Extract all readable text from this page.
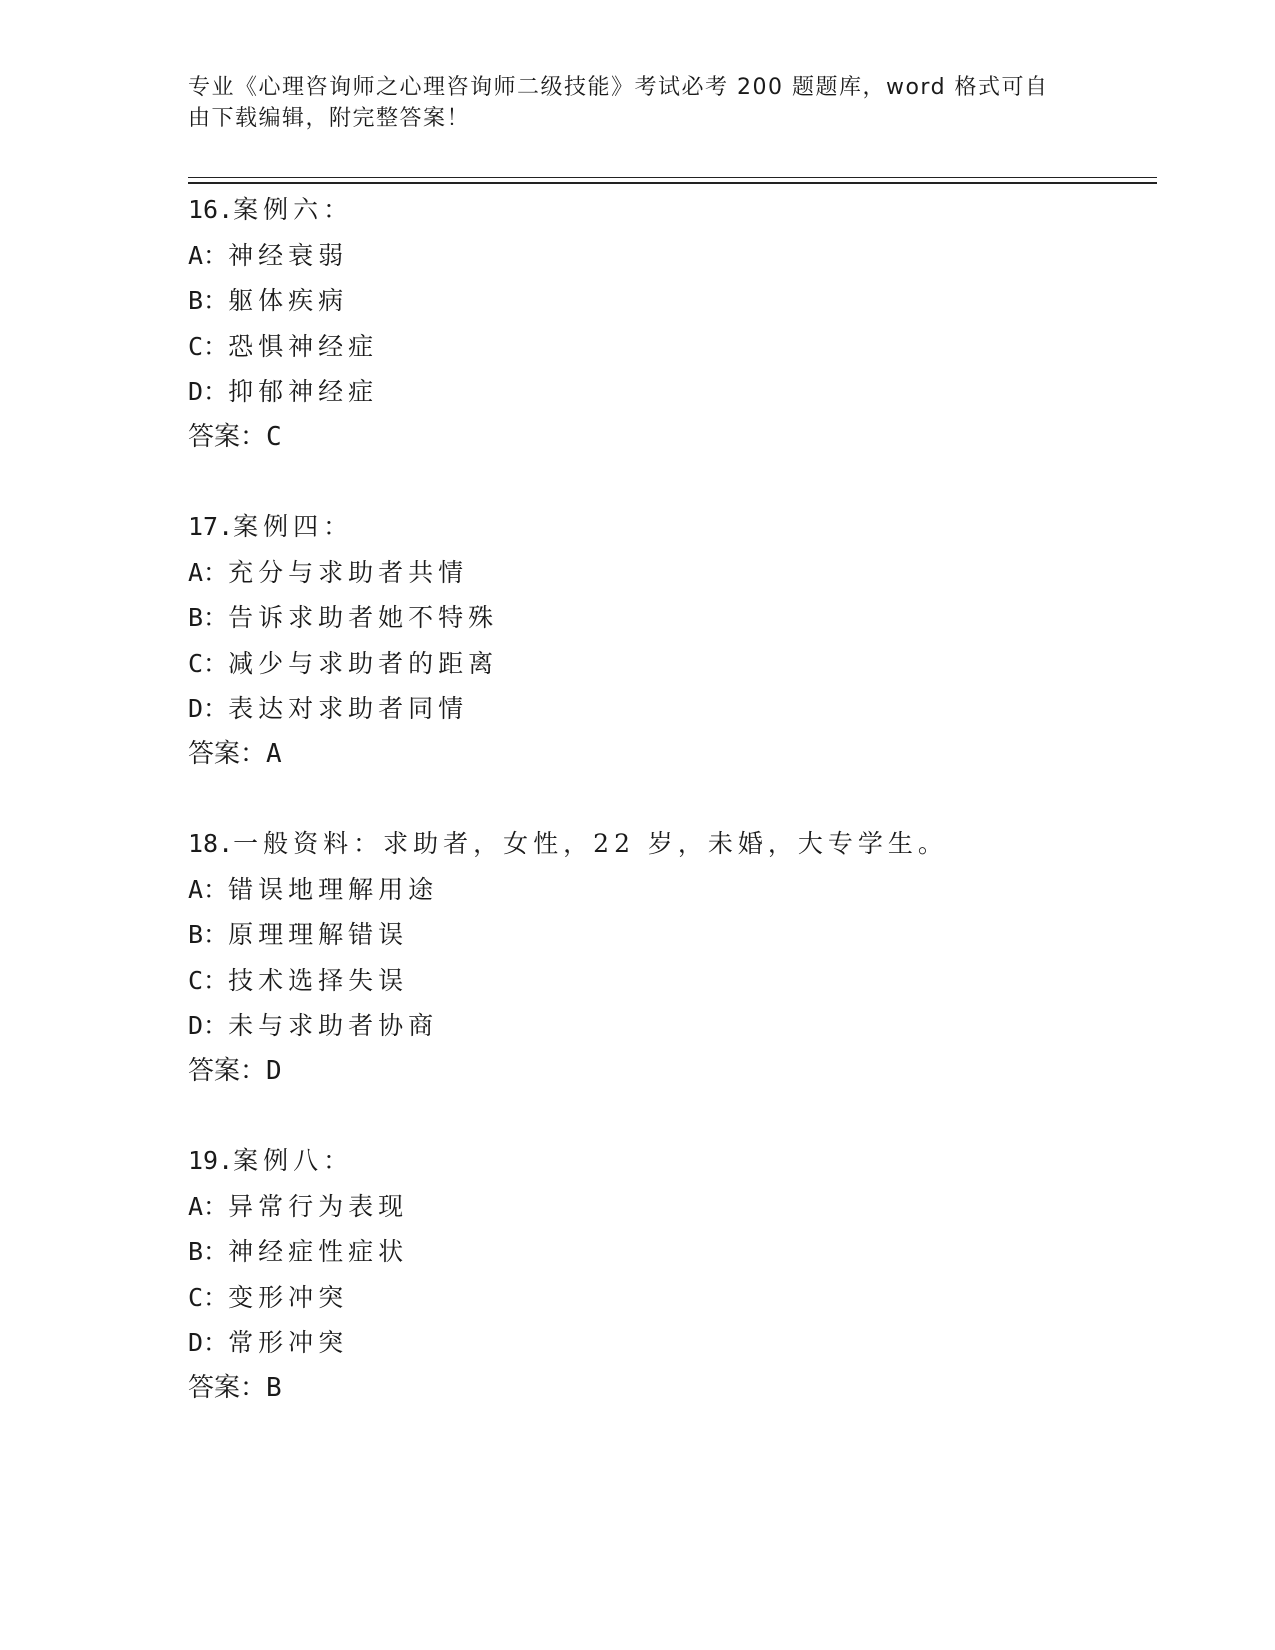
专业《心理咨询师之心理咨询师二级技能》考试必考 200 题题库，word 格式可自
由下载编辑，附完整答案！
16.案例六：
A：神经衰弱
B：躯体疾病
C：恐惧神经症
D：抑郁神经症
答案：C
17.案例四：
A：充分与求助者共情
B：告诉求助者她不特殊
C：减少与求助者的距离
D：表达对求助者同情
答案：A
18.一般资料：求助者，女性，22 岁，未婚，大专学生。
A：错误地理解用途
B：原理理解错误
C：技术选择失误
D：未与求助者协商
答案：D
19.案例八：
A：异常行为表现
B：神经症性症状
C：变形冲突
D：常形冲突
答案：B
